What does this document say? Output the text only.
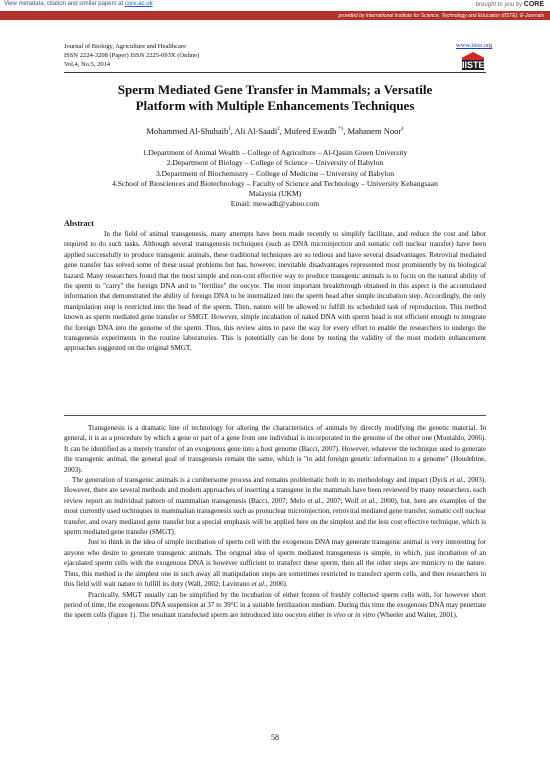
View metadata, citation and similar papers at core.ac.uk	brought to you by CORE
provided by International Institute for Science, Technology and Education (IISTE): E-Journals
Journal of Biology, Agriculture and Healthcare
ISSN 2224-3208 (Paper) ISSN 2225-093X (Online)
Vol.4, No.5, 2014
www.iiste.org
IISTE
Sperm Mediated Gene Transfer in Mammals; a Versatile
Platform with Multiple Enhancements Techniques
Mohammed Al-Shuhaib$^1$, Ali Al-Saadi$^2$, Mufeed Ewadh $^{*3}$, Mahanem Noor$^4$
1.Department of Animal Wealth – College of Agriculture – Al-Qasim Green University
2.Department of Biology – College of Science – University of Babylon
3.Department of Biochemistry – College of Medicine – University of Babylon
4.School of Biosciences and Biotechnology – Faculty of Science and Technology – University Kebangsaan
Malaysia (UKM)
Email: mewadh@yahoo.com
Abstract
In the field of animal transgenesis, many attempts have been made recently to simplify facilitate, and reduce the cost and labor required to do such tasks. Although several transgenesis techniques (such as DNA microinjection and somatic cell nuclear transfer) have been applied successfully to produce transgenic animals, these traditional techniques are so tedious and have several disadvantages. Retroviral mediated gene transfer has solved some of these usual problems but has, however, inevitable disadvantages represented most prominently by its biological hazard. Many researchers found that the most simple and non-cost effective way to produce transgenic animals is to focus on the natural ability of the sperm to "carry" the foreign DNA and to "fertilize" the oocyte. The most important breakthrough obtained in this aspect is the accumulated information that demonstrated the ability of foreign DNA to be internalized into the sperm head after simple incubation step. Accordingly, the only manipulation step is restricted into the head of the sperm. Then, nature will be allowed to fulfill its scheduled task of reproduction. This method known as sperm mediated gene transfer or SMGT. However, simple incubation of naked DNA with sperm head is not efficient enough to integrate the foreign DNA into the genome of the sperm. Thus, this review aims to pave the way for every effort to enable the researchers to undergo the transgenesis experiments in the routine laboratories. This is potentially can be done by testing the validity of the most modern enhancement approaches suggested on the original SMGT.

Transgenesis is a dramatic line of technology for altering the characteristics of animals by directly modifying the genetic material. In general, it is as a procedure by which a gene or part of a gene from one individual is incorporated in the genome of the other one (Montaldo, 2006). It can be identified as a merely transfer of an exogenous gene into a host genome (Bacci, 2007). However, whatever the technique used to generate the transgenic animal, the general goal of transgenesis remain the same, which is "to add foreign genetic information to a genome" (Houdebine, 2003).

The generation of transgenic animals is a cumbersome process and remains problematic both in its methodology and impact (Dyck et al., 2003). However, there are several methods and modern approaches of inserting a transgene in the mammals have been reviewed by many researchers, each review report an individual pattern of mammalian transgenesis (Bacci, 2007; Melo et al., 2007; Wolf et al., 2000), but, here are examples of the most currently used techniques in mammalian transgenesis such as pronuclear microinjection, retroviral mediated gene transfer, somatic cell nuclear transfer, and ovary mediated gene transfer but a special emphasis will be applied here on the simplest and the less cost effective technique, which is sperm mediated gene transfer (SMGT).

Just to think in the idea of simple incubation of sperm cell with the exogenous DNA may generate transgenic animal is very interesting for anyone who desire to generate transgenic animals. The original idea of sperm mediated transgenesis is simple, in which, just incubation of an ejaculated sperm cells with the exogenous DNA is however sufficient to transfect these sperm, then all the other steps are mimicry to the nature. Thus, this method is the simplest one in such away all manipulation steps are sometimes restricted to transfect sperm cells, and then researchers in this field will wait nature to fulfill its duty (Wall, 2002; Lavitrano et al., 2006).

Practically, SMGT usually can be simplified by the incubation of either frozen of freshly collected sperm cells with, for however short period of time, the exogenous DNA suspension at 37 to 39°C in a suitable fertilization medium. During this time the exogenous DNA may penetrate the sperm cells (figure 1). The resultant transfected sperm are introduced into oocytes either in vivo or in vitro (Wheeler and Walter, 2001).

58
